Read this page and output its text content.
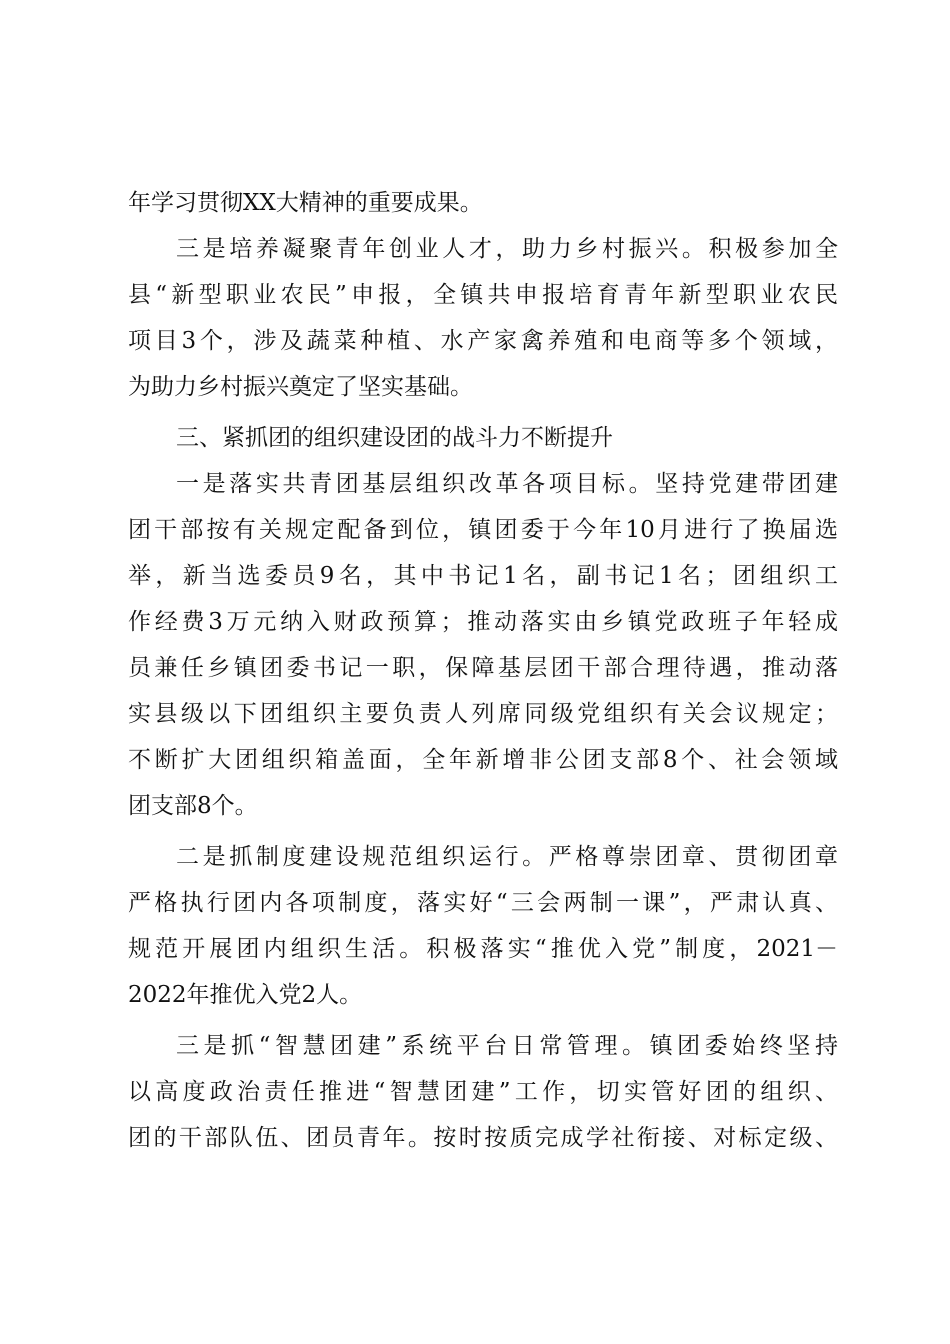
年学习贯彻XX大精神的重要成果。
三是培养凝聚青年创业人才，助力乡村振兴。积极参加全
县“新型职业农民”申报，全镇共申报培育青年新型职业农民
项目3个，涉及蔬菜种植、水产家禽养殖和电商等多个领域，
为助力乡村振兴奠定了坚实基础。
三、紧抓团的组织建设团的战斗力不断提升
一是落实共青团基层组织改革各项目标。坚持党建带团建
团干部按有关规定配备到位，镇团委于今年10月进行了换届选
举，新当选委员9名，其中书记1名，副书记1名；团组织工
作经费3万元纳入财政预算；推动落实由乡镇党政班子年轻成
员兼任乡镇团委书记一职，保障基层团干部合理待遇，推动落
实县级以下团组织主要负责人列席同级党组织有关会议规定；
不断扩大团组织箱盖面，全年新增非公团支部8个、社会领域
团支部8个。
二是抓制度建设规范组织运行。严格尊崇团章、贯彻团章
严格执行团内各项制度，落实好“三会两制一课”，严肃认真、
规范开展团内组织生活。积极落实“推优入党”制度，2021－
2022年推优入党2人。
三是抓“智慧团建”系统平台日常管理。镇团委始终坚持
以高度政治责任推进“智慧团建”工作，切实管好团的组织、
团的干部队伍、团员青年。按时按质完成学社衔接、对标定级、
